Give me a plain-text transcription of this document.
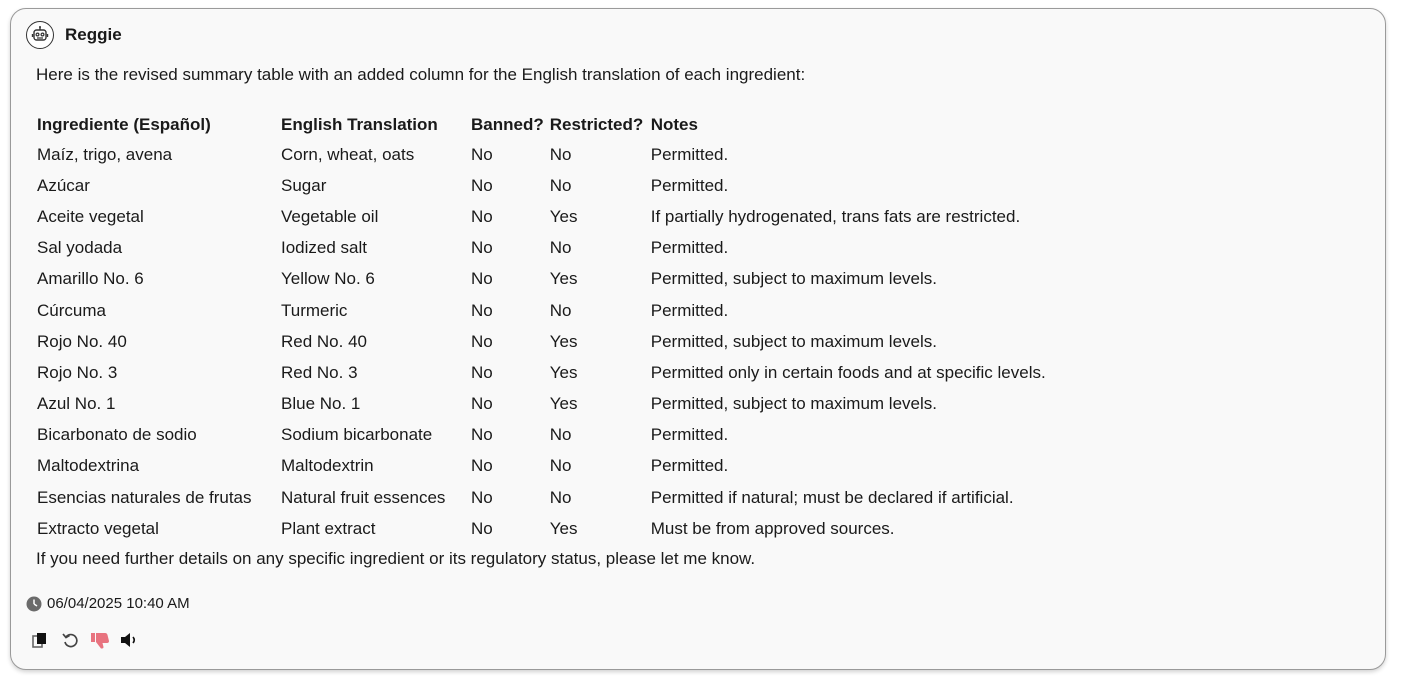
Reggie
Here is the revised summary table with an added column for the English translation of each ingredient:
Ingrediente (Español)	English Translation	Banned?	Restricted?	Notes
Maíz, trigo, avena	Corn, wheat, oats	No	No	Permitted.
Azúcar	Sugar	No	No	Permitted.
Aceite vegetal	Vegetable oil	No	Yes	If partially hydrogenated, trans fats are restricted.
Sal yodada	Iodized salt	No	No	Permitted.
Amarillo No. 6	Yellow No. 6	No	Yes	Permitted, subject to maximum levels.
Cúrcuma	Turmeric	No	No	Permitted.
Rojo No. 40	Red No. 40	No	Yes	Permitted, subject to maximum levels.
Rojo No. 3	Red No. 3	No	Yes	Permitted only in certain foods and at specific levels.
Azul No. 1	Blue No. 1	No	Yes	Permitted, subject to maximum levels.
Bicarbonato de sodio	Sodium bicarbonate	No	No	Permitted.
Maltodextrina	Maltodextrin	No	No	Permitted.
Esencias naturales de frutas	Natural fruit essences	No	No	Permitted if natural; must be declared if artificial.
Extracto vegetal	Plant extract	No	Yes	Must be from approved sources.
If you need further details on any specific ingredient or its regulatory status, please let me know.
06/04/2025 10:40 AM
